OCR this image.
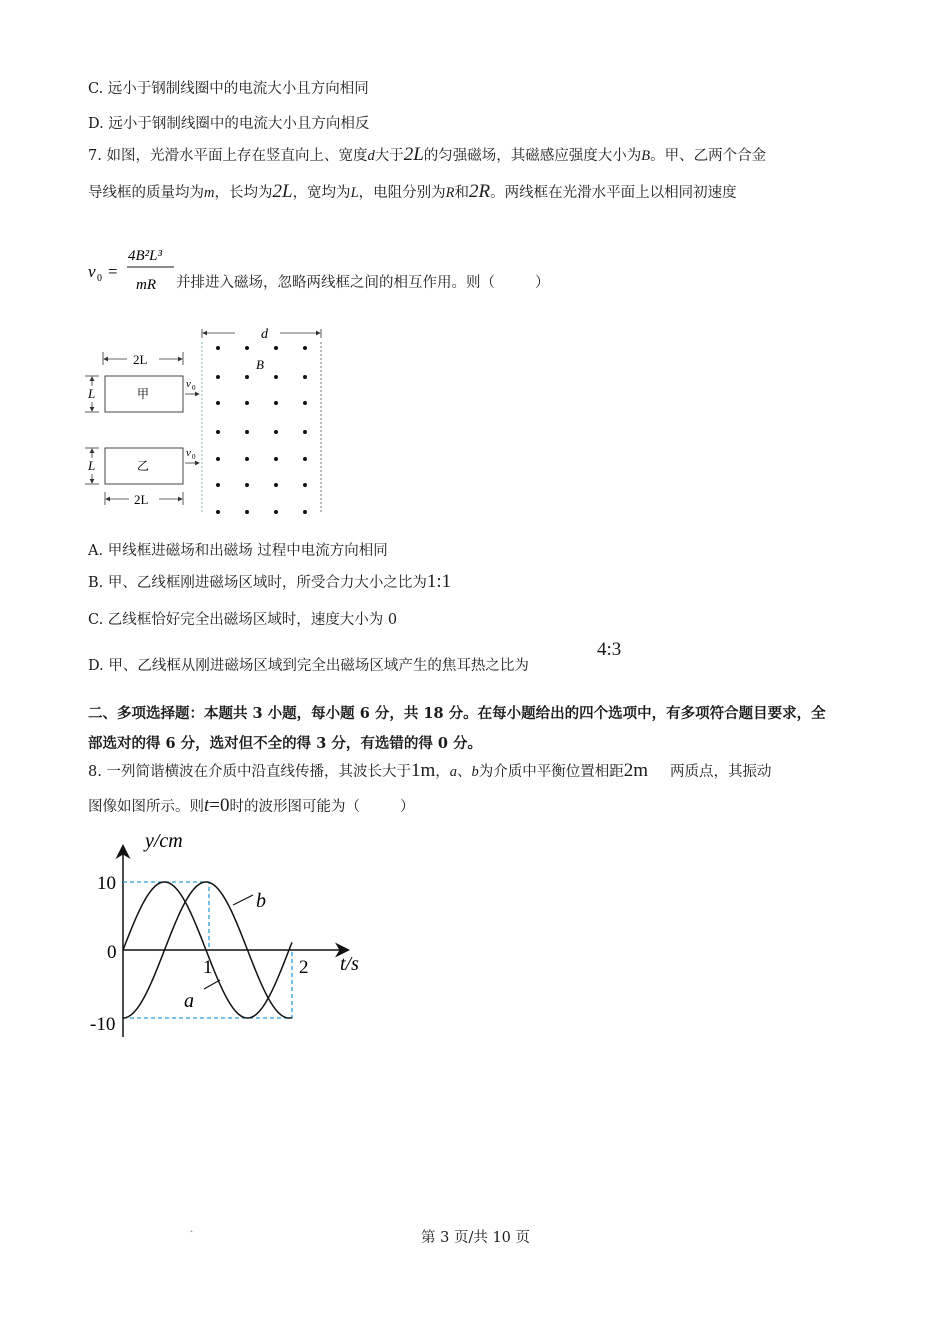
C. 远小于钢制线圈中的电流大小且方向相同
D. 远小于钢制线圈中的电流大小且方向相反
7. 如图，光滑水平面上存在竖直向上、宽度d大于2L的匀强磁场，其磁感应强度大小为B。甲、乙两个合金
导线框的质量均为m，长均为2L，宽均为L，电阻分别为R和2R。两线框在光滑水平面上以相同初速度
v 0 =
4B²L³
mR 并排进入磁场，忽略两线框之间的相互作用。则（	）
d
B
2L
甲
L
v 0
乙
L
v 0
2L
A. 甲线框进磁场和出磁场 过程中电流方向相同
B. 甲、乙线框刚进磁场区域时，所受合力大小之比为1:1
C. 乙线框恰好完全出磁场区域时，速度大小为 0
D. 甲、乙线框从刚进磁场区域到完全出磁场区域产生的焦耳热之比为
4:3
二、多项选择题：本题共 3 小题，每小题 6 分，共 18 分。在每小题给出的四个选项中，有多项符合题目要求，全
部选对的得 6 分，选对但不全的得 3 分，有选错的得 0 分。
8. 一列简谐横波在介质中沿直线传播，其波长大于1m，a、b为介质中平衡位置相距2m 两质点，其振动
图像如图所示。则t=0时的波形图可能为（	）
y/cm
t/s
10
0
-10
1	2
b
a
˛
第 3 页/共 10 页
